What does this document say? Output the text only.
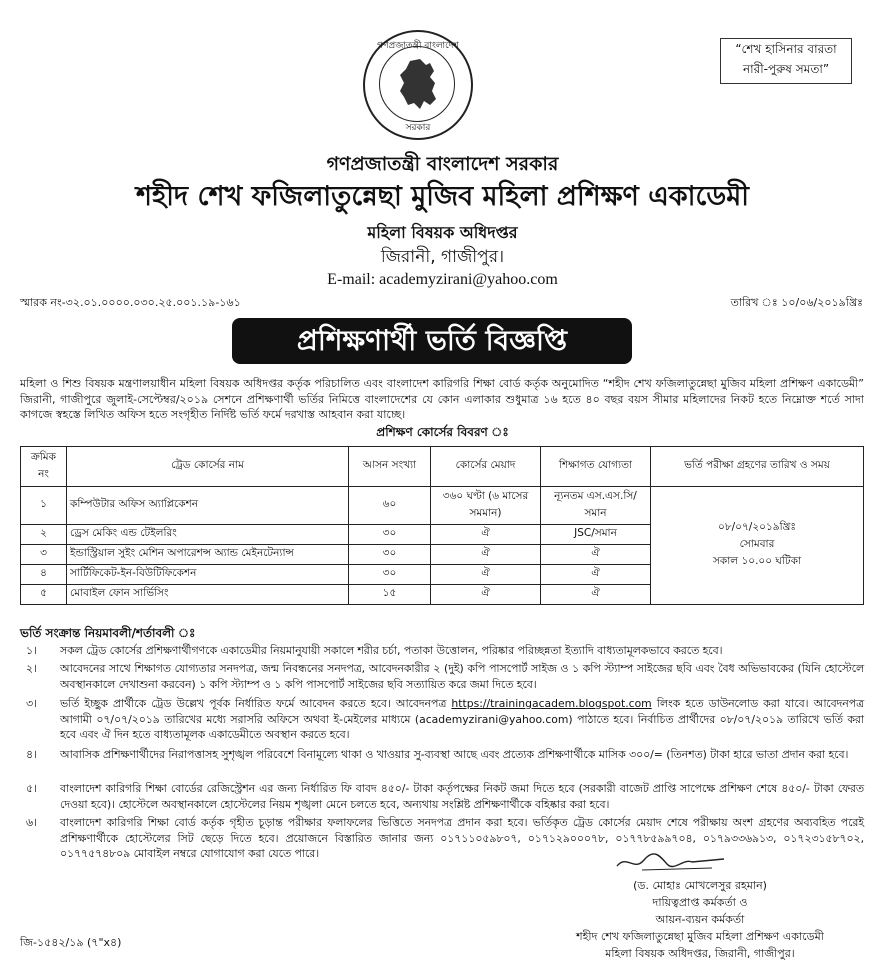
গণপ্রজাতন্ত্রী বাংলাদেশ
সরকার
“শেখ হাসিনার বারতা
নারী-পুরুষ সমতা”
গণপ্রজাতন্ত্রী বাংলাদেশ সরকার
শহীদ শেখ ফজিলাতুন্নেছা মুজিব মহিলা প্রশিক্ষণ একাডেমী
মহিলা বিষয়ক অধিদপ্তর
জিরানী, গাজীপুর।
E-mail: academyzirani@yahoo.com
স্মারক নং-৩২.০১.০০০০.০৩০.২৫.০০১.১৯-১৬১	তারিখ ঃ ১০/০৬/২০১৯খ্রিঃ
প্রশিক্ষণার্থী ভর্তি বিজ্ঞপ্তি
মহিলা ও শিশু বিষয়ক মন্ত্রণালয়াধীন মহিলা বিষয়ক অধিদপ্তর কর্তৃক পরিচালিত এবং বাংলাদেশ কারিগরি শিক্ষা বোর্ড কর্তৃক অনুমোদিত “শহীদ শেখ ফজিলাতুন্নেছা মুজিব মহিলা প্রশিক্ষণ একাডেমী” জিরানী, গাজীপুরে জুলাই-সেপ্টেম্বর/২০১৯ সেশনে প্রশিক্ষণার্থী ভর্তির নিমিত্তে বাংলাদেশের যে কোন এলাকার শুধুমাত্র ১৬ হতে ৪০ বছর বয়স সীমার মহিলাদের নিকট হতে নিম্নোক্ত শর্তে সাদা কাগজে স্বহস্তে লিখিত অফিস হতে সংগৃহীত নির্দিষ্ট ভর্তি ফর্মে দরখাস্ত আহবান করা যাচ্ছে।
প্রশিক্ষণ কোর্সের বিবরণ ঃ
ক্রমিক নং	ট্রেড কোর্সের নাম	আসন সংখ্যা	কোর্সের মেয়াদ	শিক্ষাগত যোগ্যতা	ভর্তি পরীক্ষা গ্রহণের তারিখ ও সময়
১	কম্পিউটার অফিস অ্যাপ্লিকেশন	৬০	৩৬০ ঘণ্টা (৬ মাসের সমমান)	ন্যূনতম এস.এস.সি/ সমান	০৮/০৭/২০১৯খ্রিঃ
সোমবার
সকাল ১০.০০ ঘটিকা

২	ড্রেস মেকিং এন্ড টেইলরিং	৩০	ঐ	JSC/সমান	
৩	ইন্ডাস্ট্রিয়াল সুইং মেশিন অপারেশন্স অ্যান্ড মেইনটেন্যান্স	৩০	ঐ	ঐ	
৪	সার্টিফিকেট-ইন-বিউটিফিকেশন	৩০	ঐ	ঐ	
৫	মোবাইল ফোন সার্ভিসিং	১৫	ঐ	ঐ	
ভর্তি সংক্রান্ত নিয়মাবলী/শর্তাবলী ঃ
১। সকল ট্রেড কোর্সের প্রশিক্ষণার্থীগণকে একাডেমীর নিয়মানুযায়ী সকালে শরীর চর্চা, পতাকা উত্তোলন, পরিষ্কার পরিচ্ছন্নতা ইত্যাদি বাধ্যতামূলকভাবে করতে হবে।
২। আবেদনের সাথে শিক্ষাগত যোগ্যতার সনদপত্র, জন্ম নিবন্ধনের সনদপত্র, আবেদনকারীর ২ (দুই) কপি পাসপোর্ট সাইজ ও ১ কপি স্ট্যাম্প সাইজের ছবি এবং বৈধ অভিভাবকের (যিনি হোস্টেলে অবস্থানকালে দেখাশুনা করবেন) ১ কপি স্ট্যাম্প ও ১ কপি পাসপোর্ট সাইজের ছবি সত্যায়িত করে জমা দিতে হবে।
৩। ভর্তি ইচ্ছুক প্রার্থীকে ট্রেড উল্লেখ পূর্বক নির্ধারিত ফর্মে আবেদন করতে হবে। আবেদনপত্র https://trainingacadem.blogspot.com লিংক হতে ডাউনলোড করা যাবে। আবেদনপত্র আগামী ০৭/০৭/২০১৯ তারিখের মধ্যে সরাসরি অফিসে অথবা ই-মেইলের মাধ্যমে (academyzirani@yahoo.com) পাঠাতে হবে। নির্বাচিত প্রার্থীদের ০৮/০৭/২০১৯ তারিখে ভর্তি করা হবে এবং ঐ দিন হতে বাধ্যতামূলক একাডেমীতে অবস্থান করতে হবে।
৪। আবাসিক প্রশিক্ষণার্থীদের নিরাপত্তাসহ সুশৃঙ্খল পরিবেশে বিনামূল্যে থাকা ও খাওয়ার সু-ব্যবস্থা আছে এবং প্রত্যেক প্রশিক্ষণার্থীকে মাসিক ৩০০/= (তিনশত) টাকা হারে ভাতা প্রদান করা হবে।
৫। বাংলাদেশ কারিগরি শিক্ষা বোর্ডের রেজিস্ট্রেশন এর জন্য নির্ধারিত ফি বাবদ ৪৫০/- টাকা কর্তৃপক্ষের নিকট জমা দিতে হবে (সরকারী বাজেট প্রাপ্তি সাপেক্ষে প্রশিক্ষণ শেষে ৪৫০/- টাকা ফেরত দেওয়া হবে)। হোস্টেলে অবস্থানকালে হোস্টেলের নিয়ম শৃঙ্খলা মেনে চলতে হবে, অন্যথায় সংশ্লিষ্ট প্রশিক্ষণার্থীকে বহিষ্কার করা হবে।
৬। বাংলাদেশ কারিগরি শিক্ষা বোর্ড কর্তৃক গৃহীত চূড়ান্ত পরীক্ষার ফলাফলের ভিত্তিতে সনদপত্র প্রদান করা হবে। ভর্তিকৃত ট্রেড কোর্সের মেয়াদ শেষে পরীক্ষায় অংশ গ্রহণের অব্যবহিত পরেই প্রশিক্ষণার্থীকে হোস্টেলের সিট ছেড়ে দিতে হবে। প্রয়োজনে বিস্তারিত জানার জন্য ০১৭১১০৫৯৮০৭, ০১৭১২৯০০০৭৮, ০১৭৭৮৫৯৯৭০৪, ০১৭৯৩৩৬৯১৩, ০১৭২৩১৫৮৭০২, ০১৭৭৫৭৪৮০৯ মোবাইল নম্বরে যোগাযোগ করা যেতে পারে।
(ড. মোহাঃ মোখলেসুর রহমান)
দায়িত্বপ্রাপ্ত কর্মকর্তা ও
আয়ন-ব্যয়ন কর্মকর্তা
শহীদ শেখ ফজিলাতুন্নেছা মুজিব মহিলা প্রশিক্ষণ একাডেমী
মহিলা বিষয়ক অধিদপ্তর, জিরানী, গাজীপুর।
জি-১৫৪২/১৯ (৭"x৪)
